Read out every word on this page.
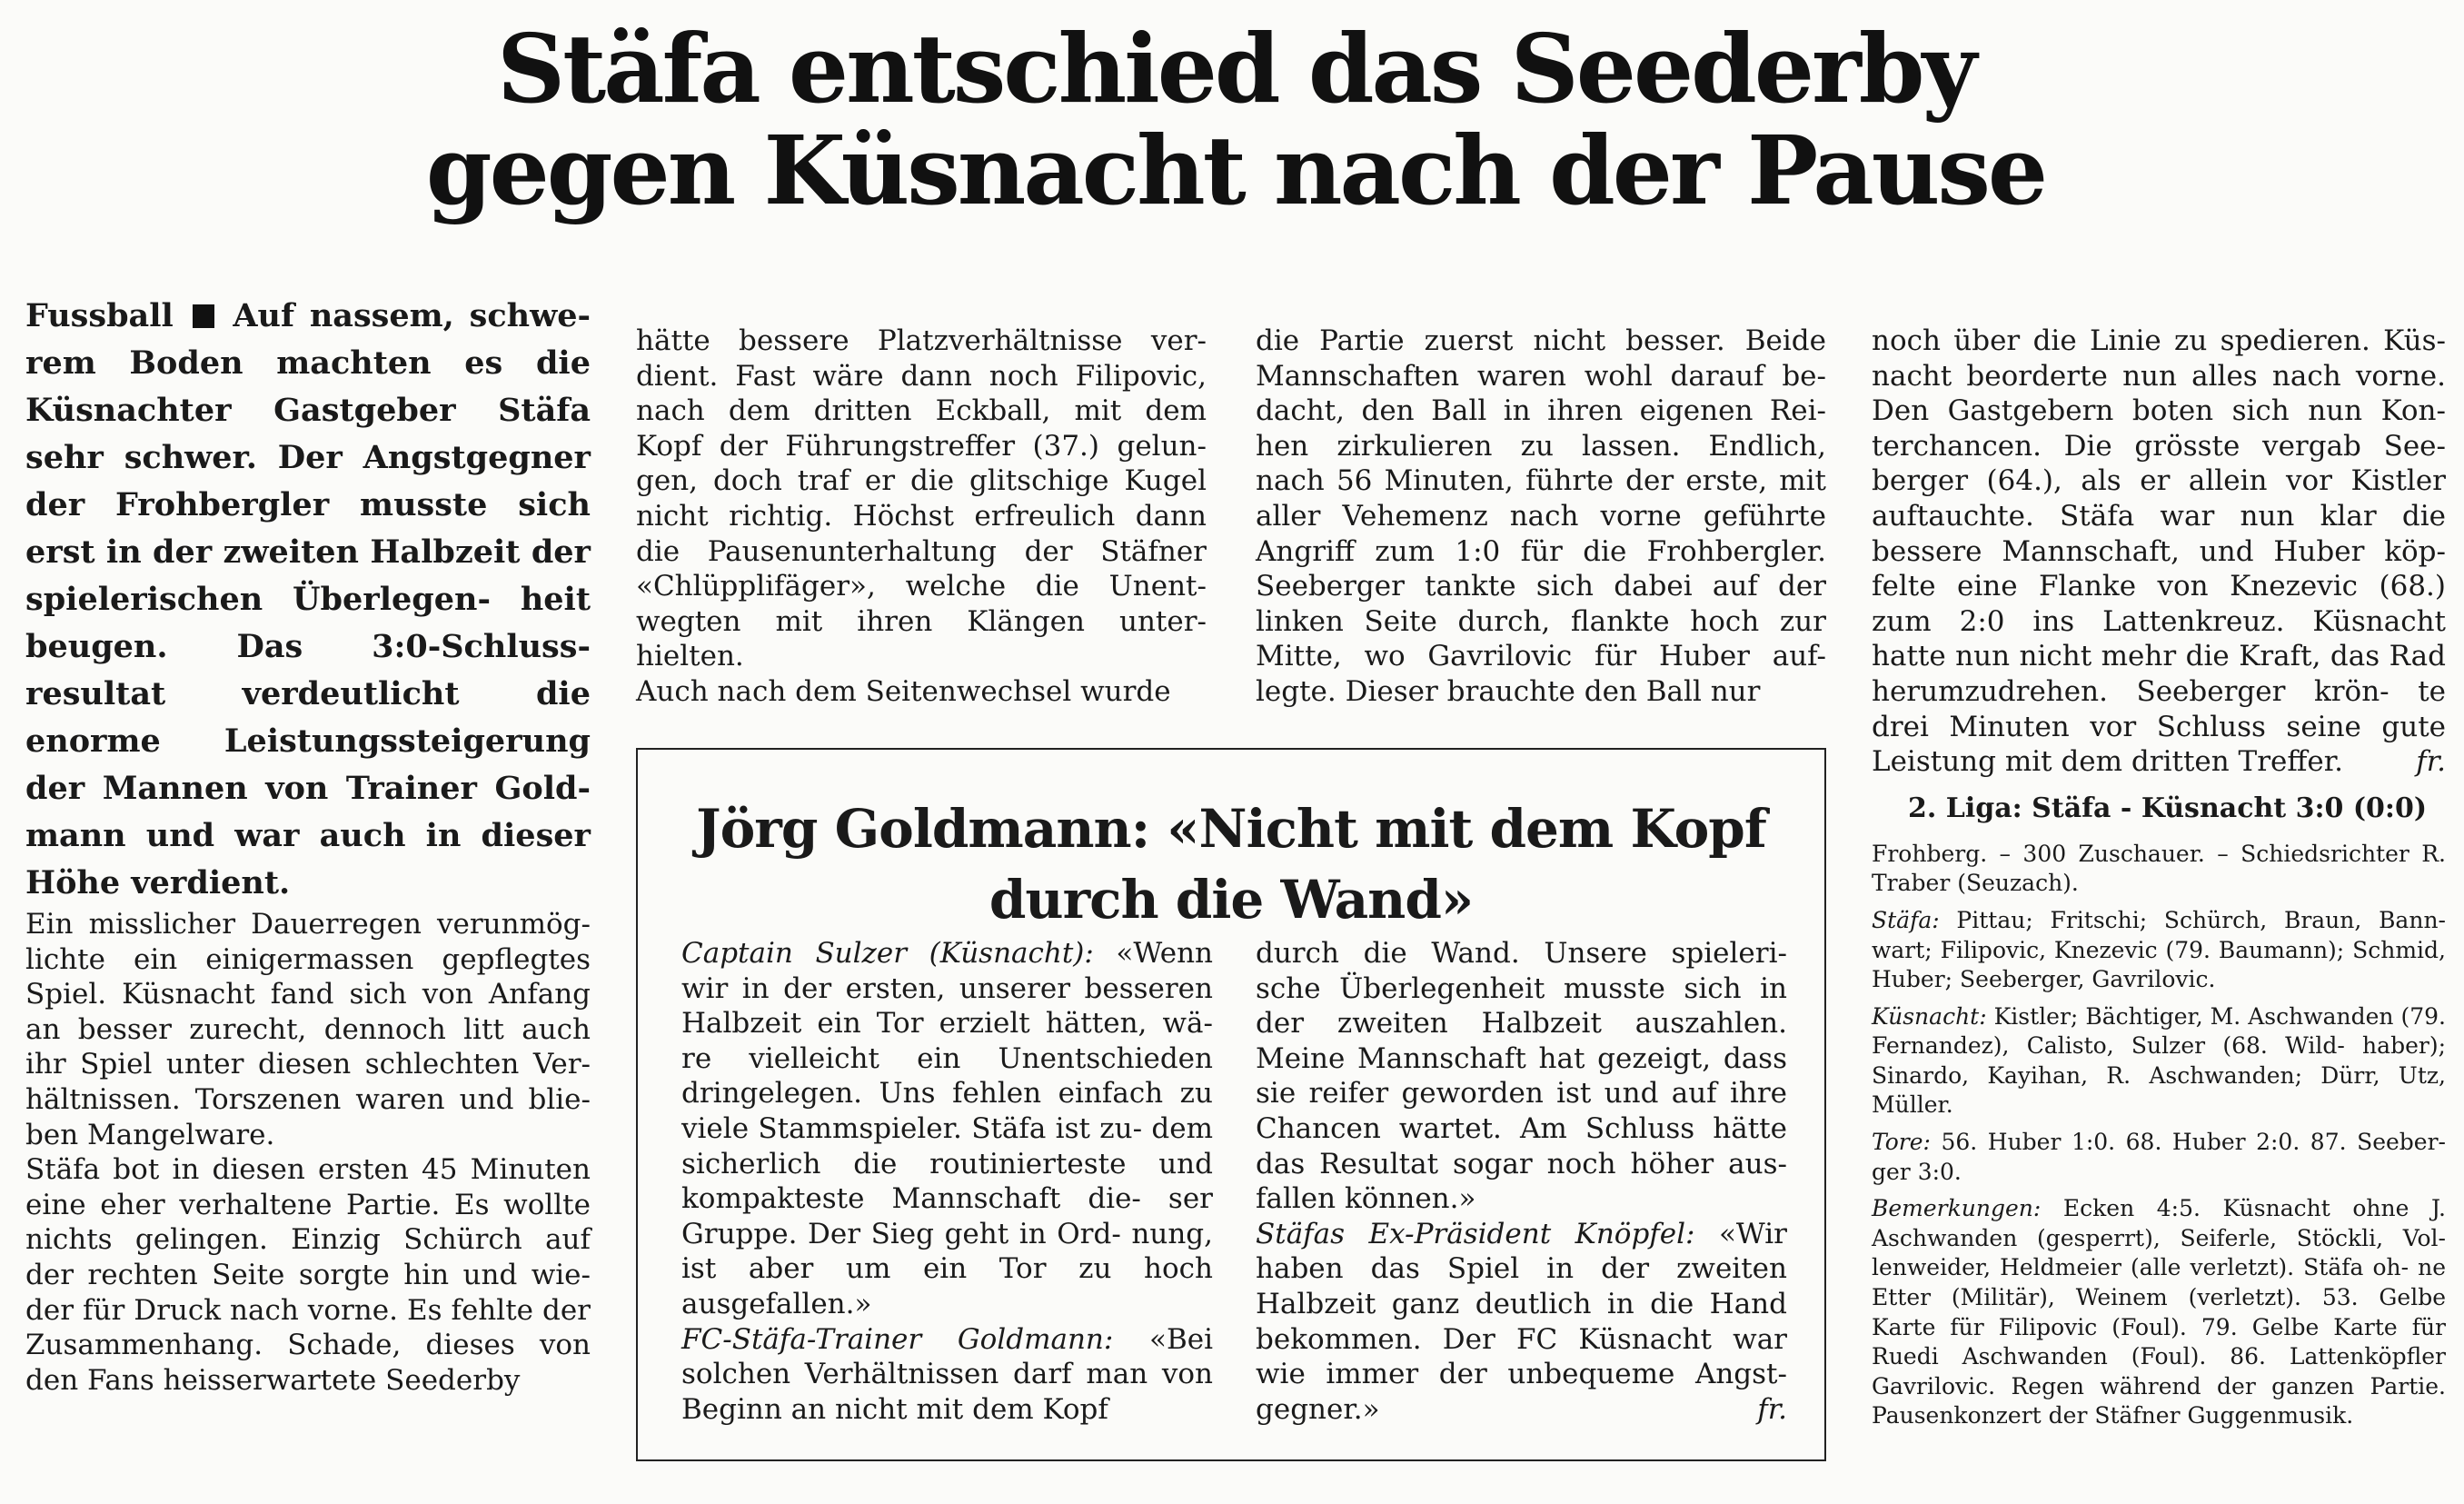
Stäfa entschied das Seederby
gegen Küsnacht nach der Pause

Fussball Auf nassem, schwe- rem Boden machten es die Küsnachter Gastgeber Stäfa sehr schwer. Der Angstgegner der Frohbergler musste sich erst in der zweiten Halbzeit der spielerischen Überlegen- heit beugen. Das 3:0-Schluss- resultat verdeutlicht die enorme Leistungssteigerung der Mannen von Trainer Gold- mann und war auch in dieser Höhe verdient.

Ein misslicher Dauerregen verunmög- lichte ein einigermassen gepflegtes Spiel. Küsnacht fand sich von Anfang an besser zurecht, dennoch litt auch ihr Spiel unter diesen schlechten Ver- hältnissen. Torszenen waren und blie- ben Mangelware.

Stäfa bot in diesen ersten 45 Minuten eine eher verhaltene Partie. Es wollte nichts gelingen. Einzig Schürch auf der rechten Seite sorgte hin und wie- der für Druck nach vorne. Es fehlte der Zusammenhang. Schade, dieses von den Fans heisserwartete Seederby

hätte bessere Platzverhältnisse ver- dient. Fast wäre dann noch Filipovic, nach dem dritten Eckball, mit dem Kopf der Führungstreffer (37.) gelun- gen, doch traf er die glitschige Kugel nicht richtig. Höchst erfreulich dann die Pausenunterhaltung der Stäfner «Chlüpplifäger», welche die Unent- wegten mit ihren Klängen unter- hielten.

Auch nach dem Seitenwechsel wurde

die Partie zuerst nicht besser. Beide Mannschaften waren wohl darauf be- dacht, den Ball in ihren eigenen Rei- hen zirkulieren zu lassen. Endlich, nach 56 Minuten, führte der erste, mit aller Vehemenz nach vorne geführte Angriff zum 1:0 für die Frohbergler. Seeberger tankte sich dabei auf der linken Seite durch, flankte hoch zur Mitte, wo Gavrilovic für Huber auf- legte. Dieser brauchte den Ball nur

noch über die Linie zu spedieren. Küs- nacht beorderte nun alles nach vorne. Den Gastgebern boten sich nun Kon- terchancen. Die grösste vergab See- berger (64.), als er allein vor Kistler auftauchte. Stäfa war nun klar die bessere Mannschaft, und Huber köp- felte eine Flanke von Knezevic (68.) zum 2:0 ins Lattenkreuz. Küsnacht hatte nun nicht mehr die Kraft, das Rad herumzudrehen. Seeberger krön- te drei Minuten vor Schluss seine gute Leistung mit dem dritten Treffer.	fr.

2. Liga: Stäfa - Küsnacht 3:0 (0:0)

Frohberg. – 300 Zuschauer. – Schiedsrichter R. Traber (Seuzach).

Stäfa: Pittau; Fritschi; Schürch, Braun, Bann- wart; Filipovic, Knezevic (79. Baumann); Schmid, Huber; Seeberger, Gavrilovic.

Küsnacht: Kistler; Bächtiger, M. Aschwanden (79. Fernandez), Calisto, Sulzer (68. Wild- haber); Sinardo, Kayihan, R. Aschwanden; Dürr, Utz, Müller.

Tore: 56. Huber 1:0. 68. Huber 2:0. 87. Seeber- ger 3:0.

Bemerkungen: Ecken 4:5. Küsnacht ohne J. Aschwanden (gesperrt), Seiferle, Stöckli, Vol- lenweider, Heldmeier (alle verletzt). Stäfa oh- ne Etter (Militär), Weinem (verletzt). 53. Gelbe Karte für Filipovic (Foul). 79. Gelbe Karte für Ruedi Aschwanden (Foul). 86. Lattenköpfler Gavrilovic. Regen während der ganzen Partie. Pausenkonzert der Stäfner Guggenmusik.

Jörg Goldmann: «Nicht mit dem Kopf
durch die Wand»

Captain Sulzer (Küsnacht): «Wenn wir in der ersten, unserer besseren Halbzeit ein Tor erzielt hätten, wä- re vielleicht ein Unentschieden dringelegen. Uns fehlen einfach zu viele Stammspieler. Stäfa ist zu- dem sicherlich die routinierteste und kompakteste Mannschaft die- ser Gruppe. Der Sieg geht in Ord- nung, ist aber um ein Tor zu hoch ausgefallen.»

FC-Stäfa-Trainer Goldmann: «Bei solchen Verhältnissen darf man von Beginn an nicht mit dem Kopf

durch die Wand. Unsere spieleri- sche Überlegenheit musste sich in der zweiten Halbzeit auszahlen. Meine Mannschaft hat gezeigt, dass sie reifer geworden ist und auf ihre Chancen wartet. Am Schluss hätte das Resultat sogar noch höher aus- fallen können.»

Stäfas Ex-Präsident Knöpfel: «Wir haben das Spiel in der zweiten Halbzeit ganz deutlich in die Hand bekommen. Der FC Küsnacht war wie immer der unbequeme Angst- gegner.»	fr.
